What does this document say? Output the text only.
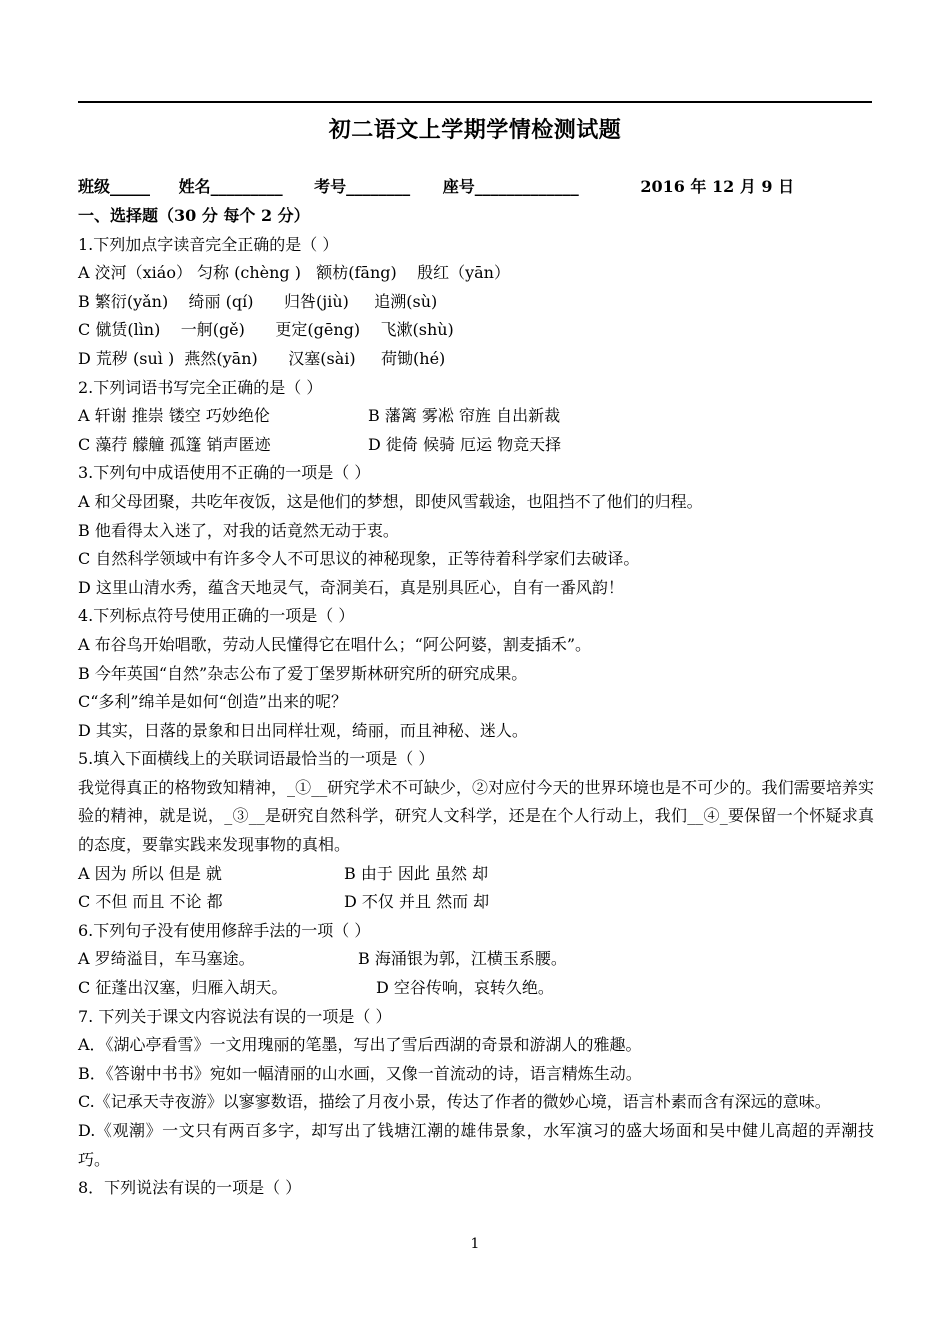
初二语文上学期学情检测试题
班级_____ 姓名_________ 考号________ 座号_____________	2016 年 12 月 9 日
一、选择题（30 分 每个 2 分）
1.下列加点字读音完全正确的是（ ）
A 洨河（xiáo） 匀称 (chèng )   额枋(fāng)    殷红（yān）
B 繁衍(yǎn)    绮丽 (qí)      归咎(jiù)     追溯(sù)
C 僦赁(lìn)    一舸(gě)      更定(gēng)    飞漱(shù)
D 荒秽 (suì )  燕然(yān)      汉塞(sài)     荷锄(hé)
2.下列词语书写完全正确的是（ ）
A 轩谢 推崇 镂空 巧妙绝伦	B 藩篱 雾凇 帘旌 自出新裁
C 藻荇 艨艟 孤篷 销声匿迹	D 徙倚 候骑 厄运 物竞天择
3.下列句中成语使用不正确的一项是（ ）
A 和父母团聚，共吃年夜饭，这是他们的梦想，即使风雪载途，也阻挡不了他们的归程。
B 他看得太入迷了，对我的话竟然无动于衷。
C 自然科学领域中有许多令人不可思议的神秘现象，正等待着科学家们去破译。
D 这里山清水秀，蕴含天地灵气，奇洞美石，真是别具匠心，自有一番风韵！
4.下列标点符号使用正确的一项是（ ）
A 布谷鸟开始唱歌，劳动人民懂得它在唱什么；“阿公阿婆，割麦插禾”。
B 今年英国“自然”杂志公布了爱丁堡罗斯林研究所的研究成果。
C“多利”绵羊是如何“创造”出来的呢？
D 其实，日落的景象和日出同样壮观，绮丽，而且神秘、迷人。
5.填入下面横线上的关联词语最恰当的一项是（ ）
我觉得真正的格物致知精神，_①__研究学术不可缺少，②对应付今天的世界环境也是不可少的。我们需要培养实验的精神，就是说，_③__是研究自然科学，研究人文科学，还是在个人行动上，我们__④_要保留一个怀疑求真的态度，要靠实践来发现事物的真相。
A 因为 所以 但是 就	B 由于 因此 虽然 却
C 不但 而且 不论 都	D 不仅 并且 然而 却
6.下列句子没有使用修辞手法的一项（ ）
A 罗绮溢目，车马塞途。	B 海涌银为郭，江横玉系腰。
C 征蓬出汉塞，归雁入胡天。	D 空谷传响，哀转久绝。
7. 下列关于课文内容说法有误的一项是（ ）
A．《湖心亭看雪》一文用瑰丽的笔墨，写出了雪后西湖的奇景和游湖人的雅趣。
B．《答谢中书书》宛如一幅清丽的山水画，又像一首流动的诗，语言精炼生动。
C.《记承天寺夜游》以寥寥数语，描绘了月夜小景，传达了作者的微妙心境，语言朴素而含有深远的意味。
D.《观潮》一文只有两百多字，却写出了钱塘江潮的雄伟景象，水军演习的盛大场面和吴中健儿高超的弄潮技巧。
8．下列说法有误的一项是（ ）
1
